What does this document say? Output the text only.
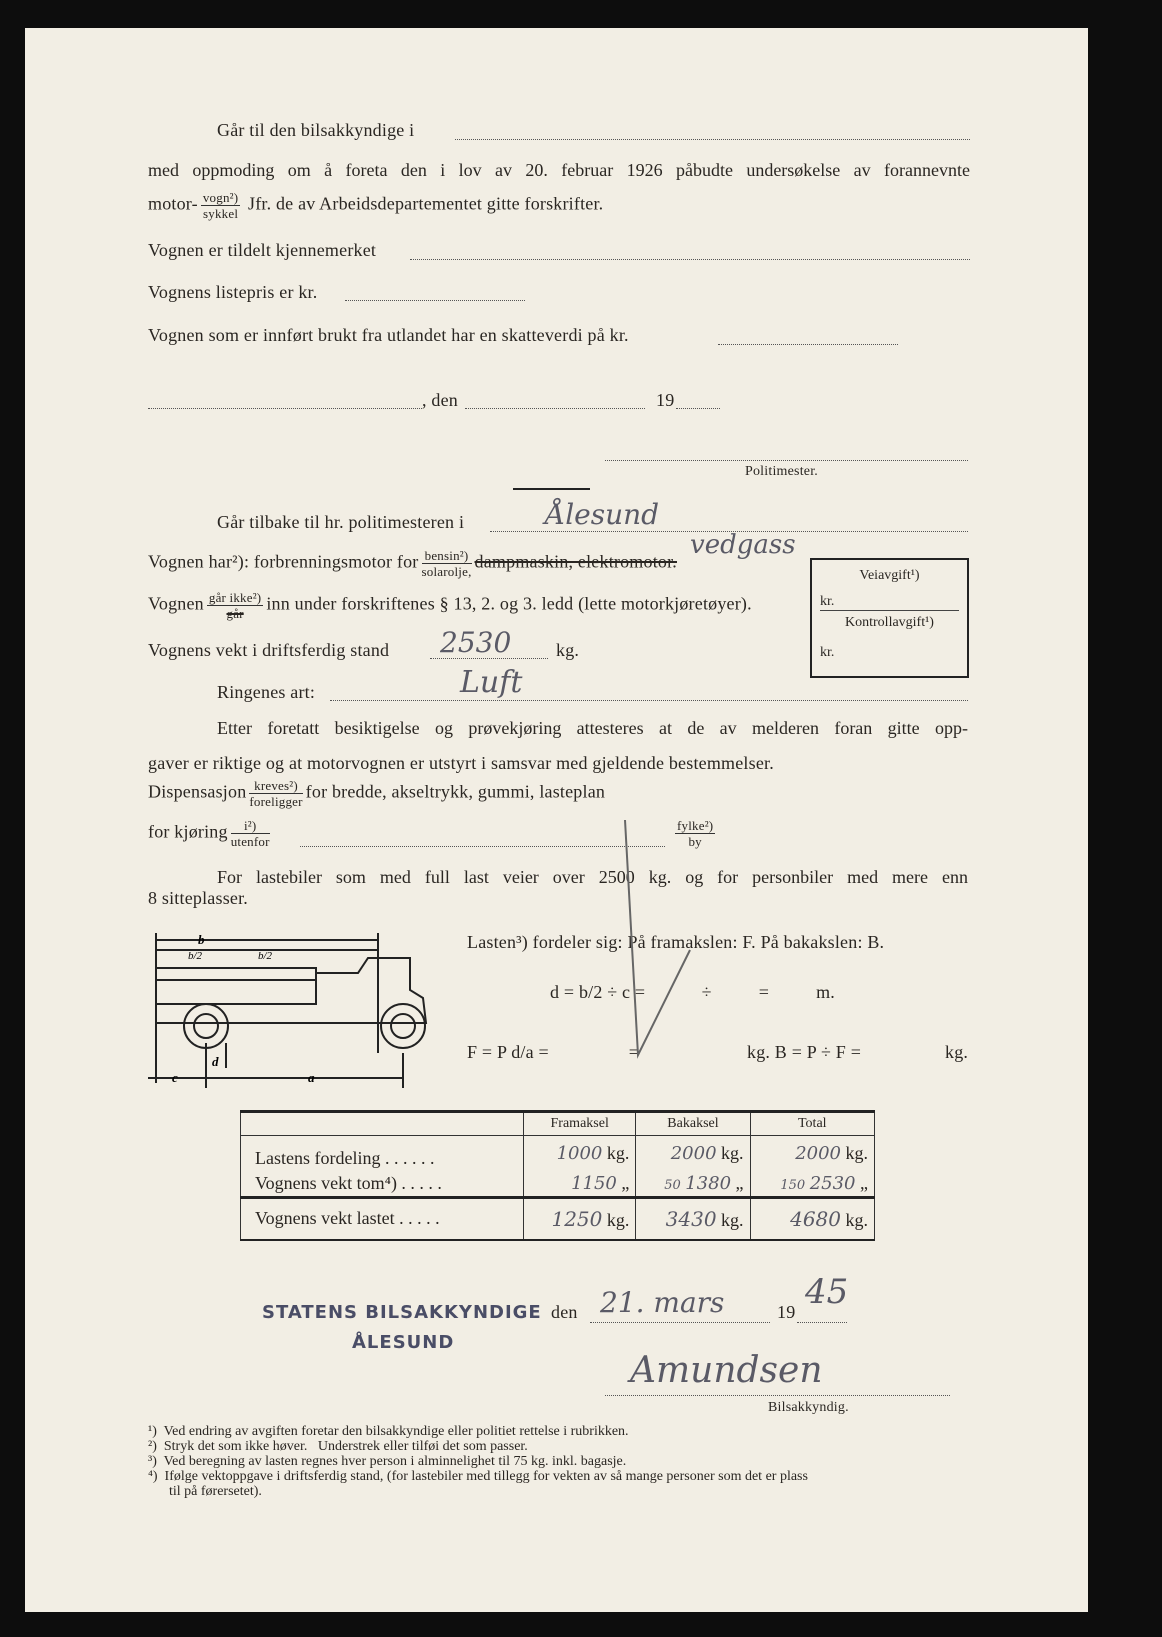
Går til den bilsakkyndige i
med oppmoding om å foreta den i lov av 20. februar 1926 påbudte undersøkelse av forannevnte
motor- $\frac{\text{vogn²)}}{\text{sykkel}}$ Jfr. de av Arbeidsdepartementet gitte forskrifter.
Vognen er tildelt kjennemerket
Vognens listepris er kr.
Vognen som er innført brukt fra utlandet har en skatteverdi på kr.
, den	19
Politimester.
Går tilbake til hr. politimesteren i	Ålesund
vedgass
Vognen har²): forbrenningsmotor for $\frac{\text{bensin²)}}{\text{solarolje,}}$ dampmaskin, elektromotor.
Vognen $\frac{\text{går ikke²)}}{\text{går}}$ inn under forskriftenes § 13, 2. og 3. ledd (lette motorkjøretøyer).
Vognens vekt i driftsferdig stand 2530 kg.
Veiavgift¹)
kr.
Kontrollavgift¹)
kr.
Ringenes art:	Luft
Etter foretatt besiktigelse og prøvekjøring attesteres at de av melderen foran gitte opp-
gaver er riktige og at motorvognen er utstyrt i samsvar med gjeldende bestemmelser.
Dispensasjon $\frac{\text{kreves²)}}{\text{foreligger}}$ for bredde, akseltrykk, gummi, lasteplan
for kjøring $\frac{\text{i²)}}{\text{utenfor}}$	$\frac{\text{fylke²)}}{by}$
For lastebiler som med full last veier over 2500 kg. og for personbiler med mere enn
8 sitteplasser.
b
b/2	b/2
d
c	a
Lasten³) fordeler sig: På framakslen: F. På bakakslen: B.
d = b/2 ÷ c =            ÷          =          m.
F = P d/a =                 =	kg. B = P ÷ F =	kg.
	Framaksel	Bakaksel	Total
Lastens fordeling . . . . . .	1000 kg.	2000 kg.	2000 kg.
Vognens vekt tom⁴) . . . . .	1150 „	50 1380 „	150 2530 „
Vognens vekt lastet . . . . .	1250 kg.	3430 kg.	4680 kg.
STATENS BILSAKKYNDIGE
ÅLESUND
den 21. mars	19 45
Amundsen
Bilsakkyndig.
¹)  Ved endring av avgiften foretar den bilsakkyndige eller politiet rettelse i rubrikken.
²)  Stryk det som ikke høver.   Understrek eller tilføi det som passer.
³)  Ved beregning av lasten regnes hver person i alminnelighet til 75 kg. inkl. bagasje.
⁴)  Ifølge vektoppgave i driftsferdig stand, (for lastebiler med tillegg for vekten av så mange personer som det er plass
til på førersetet).
